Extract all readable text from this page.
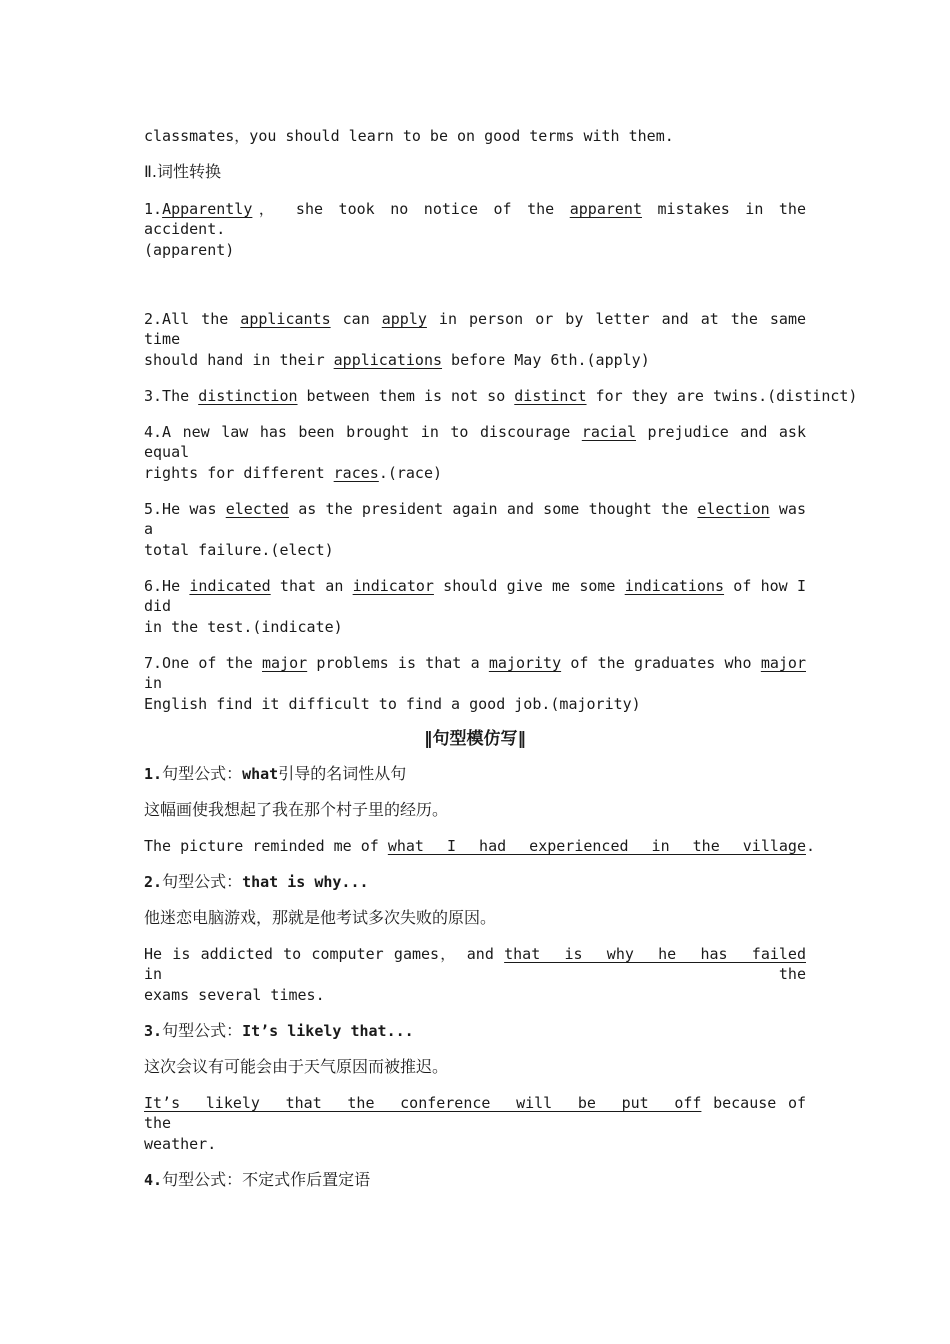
classmates，you should learn to be on good terms with them.
Ⅱ.词性转换
1.Apparently， she took no notice of the apparent mistakes in the accident.
(apparent)
2.All the applicants can apply in person or by letter and at the same time
should hand in their applications before May 6th.(apply)
3.The distinction between them is not so distinct for they are twins.(distinct)
4.A new law has been brought in to discourage racial prejudice and ask equal
rights for different races.(race)
5.He was elected as the president again and some thought the election was a
total failure.(elect)
6.He indicated that an indicator should give me some indications of how I did
in the test.(indicate)
7.One of the major problems is that a majority of the graduates who major in
English find it difficult to find a good job.(majority)
‖句型模仿写‖
1.句型公式：what引导的名词性从句
这幅画使我想起了我在那个村子里的经历。
The picture reminded me of what I had experienced in the village.
2.句型公式：that is why...
他迷恋电脑游戏，那就是他考试多次失败的原因。
He is addicted to computer games， and that is why he has failed in the
exams several times.
3.句型公式：It’s likely that...
这次会议有可能会由于天气原因而被推迟。
It’s likely that the conference will be put off because of the
weather.
4.句型公式：不定式作后置定语
